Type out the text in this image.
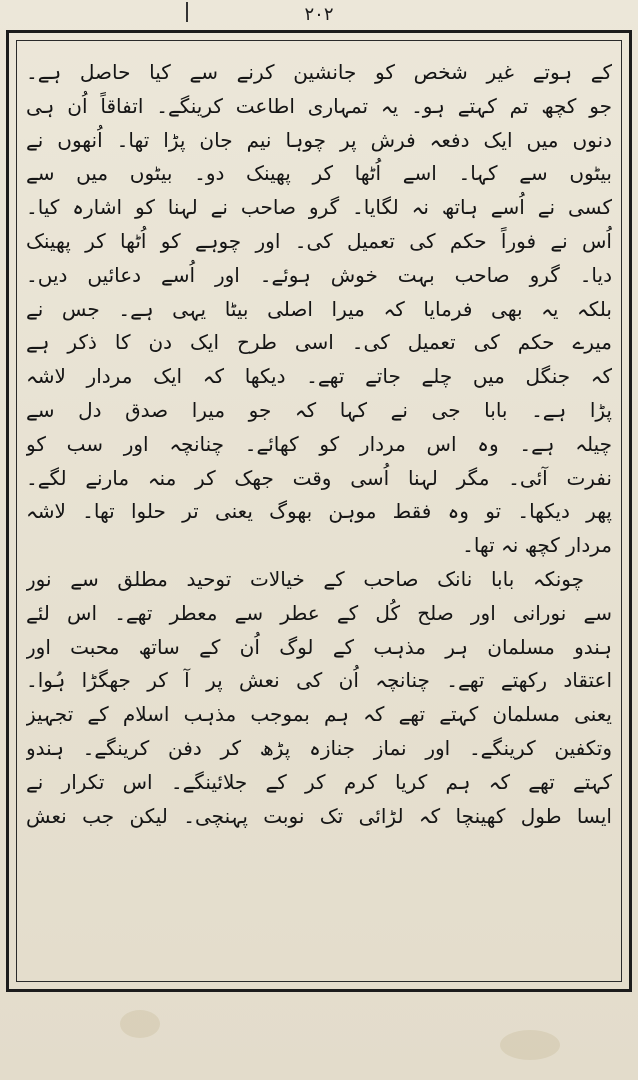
۲۰۲
کے ہوتے غیر شخص کو جانشین کرنے سے کیا حاصل ہے۔
جو کچھ تم کہتے ہو۔ یہ تمہاری اطاعت کرینگے۔ اتفاقاً اُن ہی
دنوں میں ایک دفعہ فرش پر چوہا نیم جان پڑا تھا۔ اُنھوں نے
بیٹوں سے کہا۔ اسے اُٹھا کر پھینک دو۔ بیٹوں میں سے
کسی نے اُسے ہاتھ نہ لگایا۔ گرو صاحب نے لہنا کو اشارہ کیا۔
اُس نے فوراً حکم کی تعمیل کی۔ اور چوہے کو اُٹھا کر پھینک
دیا۔ گرو صاحب بہت خوش ہوئے۔ اور اُسے دعائیں دیں۔
بلکہ یہ بھی فرمایا کہ میرا اصلی بیٹا یہی ہے۔ جس نے
میرے حکم کی تعمیل کی۔ اسی طرح ایک دن کا ذکر ہے
کہ جنگل میں چلے جاتے تھے۔ دیکھا کہ ایک مردار لاشہ
پڑا ہے۔ بابا جی نے کہا کہ جو میرا صدق دل سے
چیلہ ہے۔ وہ اس مردار کو کھائے۔ چنانچہ اور سب کو
نفرت آئی۔ مگر لہنا اُسی وقت جھک کر منہ مارنے لگے۔
پھر دیکھا۔ تو وہ فقط موہن بھوگ یعنی تر حلوا تھا۔ لاشہ
مردار کچھ نہ تھا۔
چونکہ بابا نانک صاحب کے خیالات توحید مطلق سے نور
سے نورانی اور صلح کُل کے عطر سے معطر تھے۔ اس لئے
ہندو مسلمان ہر مذہب کے لوگ اُن کے ساتھ محبت اور
اعتقاد رکھتے تھے۔ چنانچہ اُن کی نعش پر آ کر جھگڑا ہُوا۔
یعنی مسلمان کہتے تھے کہ ہم بموجب مذہب اسلام کے تجہیز
وتکفین کرینگے۔ اور نماز جنازہ پڑھ کر دفن کرینگے۔ ہندو
کہتے تھے کہ ہم کریا کرم کر کے جلائینگے۔ اس تکرار نے
ایسا طول کھینچا کہ لڑائی تک نوبت پہنچی۔ لیکن جب نعش
